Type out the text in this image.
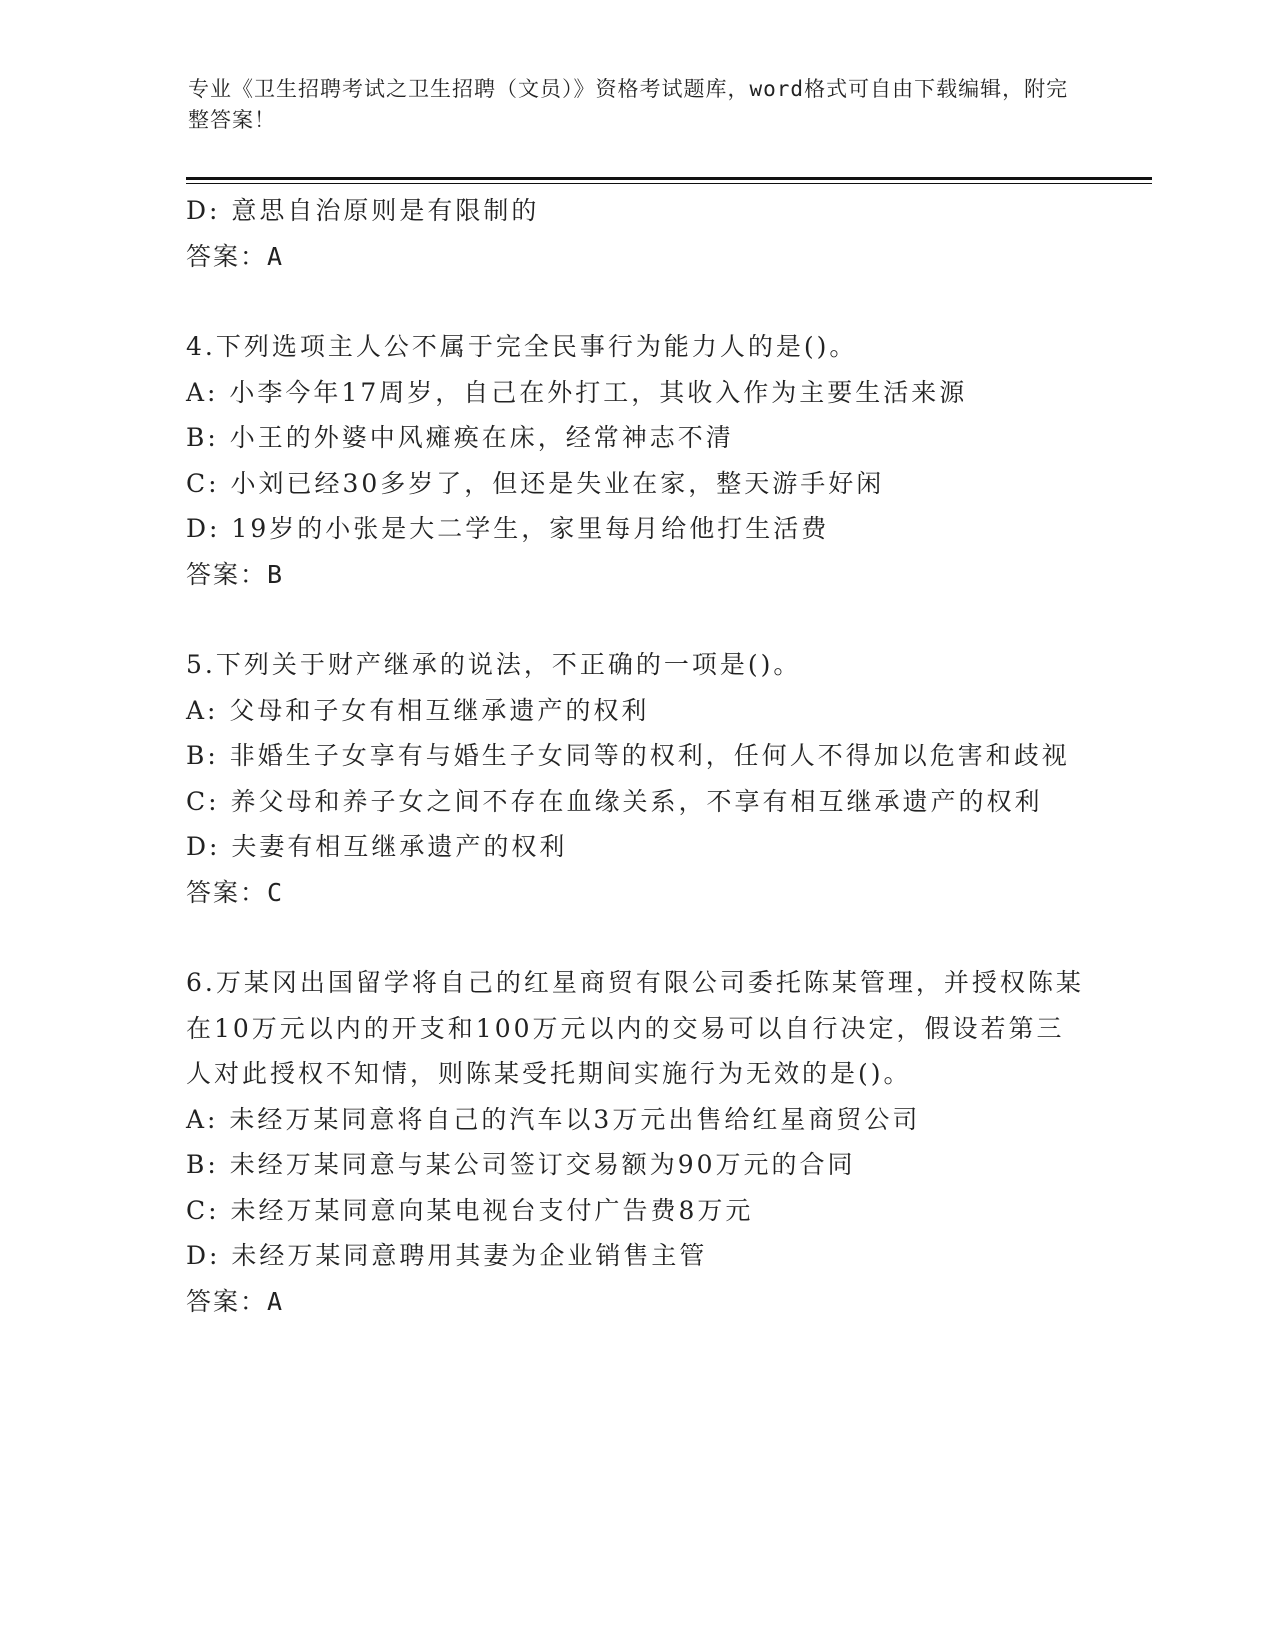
专业《卫生招聘考试之卫生招聘（文员）》资格考试题库，word格式可自由下载编辑，附完整答案！
D: 意思自治原则是有限制的
答案：A
4.下列选项主人公不属于完全民事行为能力人的是()。
A: 小李今年17周岁，自己在外打工，其收入作为主要生活来源
B: 小王的外婆中风瘫痪在床，经常神志不清
C: 小刘已经30多岁了，但还是失业在家，整天游手好闲
D: 19岁的小张是大二学生，家里每月给他打生活费
答案：B
5.下列关于财产继承的说法，不正确的一项是()。
A: 父母和子女有相互继承遗产的权利
B: 非婚生子女享有与婚生子女同等的权利，任何人不得加以危害和歧视
C: 养父母和养子女之间不存在血缘关系，不享有相互继承遗产的权利
D: 夫妻有相互继承遗产的权利
答案：C
6.万某冈出国留学将自己的红星商贸有限公司委托陈某管理，并授权陈某在10万元以内的开支和100万元以内的交易可以自行决定，假设若第三人对此授权不知情，则陈某受托期间实施行为无效的是()。
A: 未经万某同意将自己的汽车以3万元出售给红星商贸公司
B: 未经万某同意与某公司签订交易额为90万元的合同
C: 未经万某同意向某电视台支付广告费8万元
D: 未经万某同意聘用其妻为企业销售主管
答案：A
